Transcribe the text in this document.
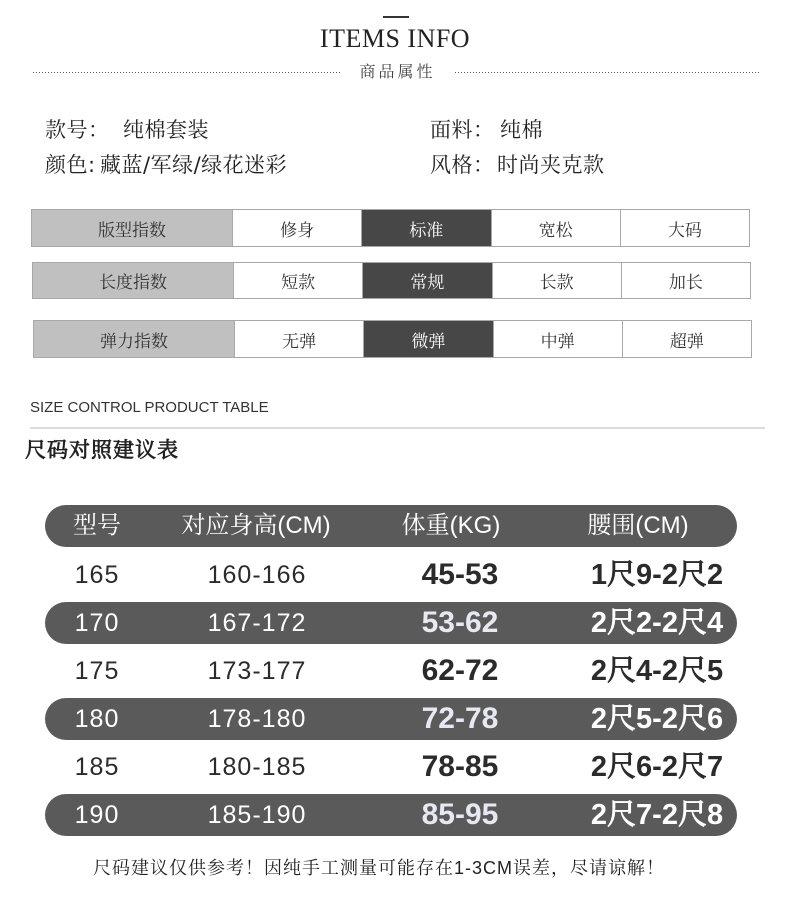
ITEMS INFO
商品属性
款号： 纯棉套装	面料： 纯棉
颜色: 藏蓝/军绿/绿花迷彩	风格： 时尚夹克款
版型指数	修身	标准	宽松	大码
长度指数	短款	常规	长款	加长
弹力指数	无弹	微弹	中弹	超弹
SIZE CONTROL PRODUCT TABLE
尺码对照建议表
型号	对应身高(CM)	体重(KG)	腰围(CM)
165	160-166	45-53	1尺9-2尺2
170	167-172	53-62	2尺2-2尺4
175	173-177	62-72	2尺4-2尺5
180	178-180	72-78	2尺5-2尺6
185	180-185	78-85	2尺6-2尺7
190	185-190	85-95	2尺7-2尺8
尺码建议仅供参考！因纯手工测量可能存在1-3CM误差，尽请谅解！
